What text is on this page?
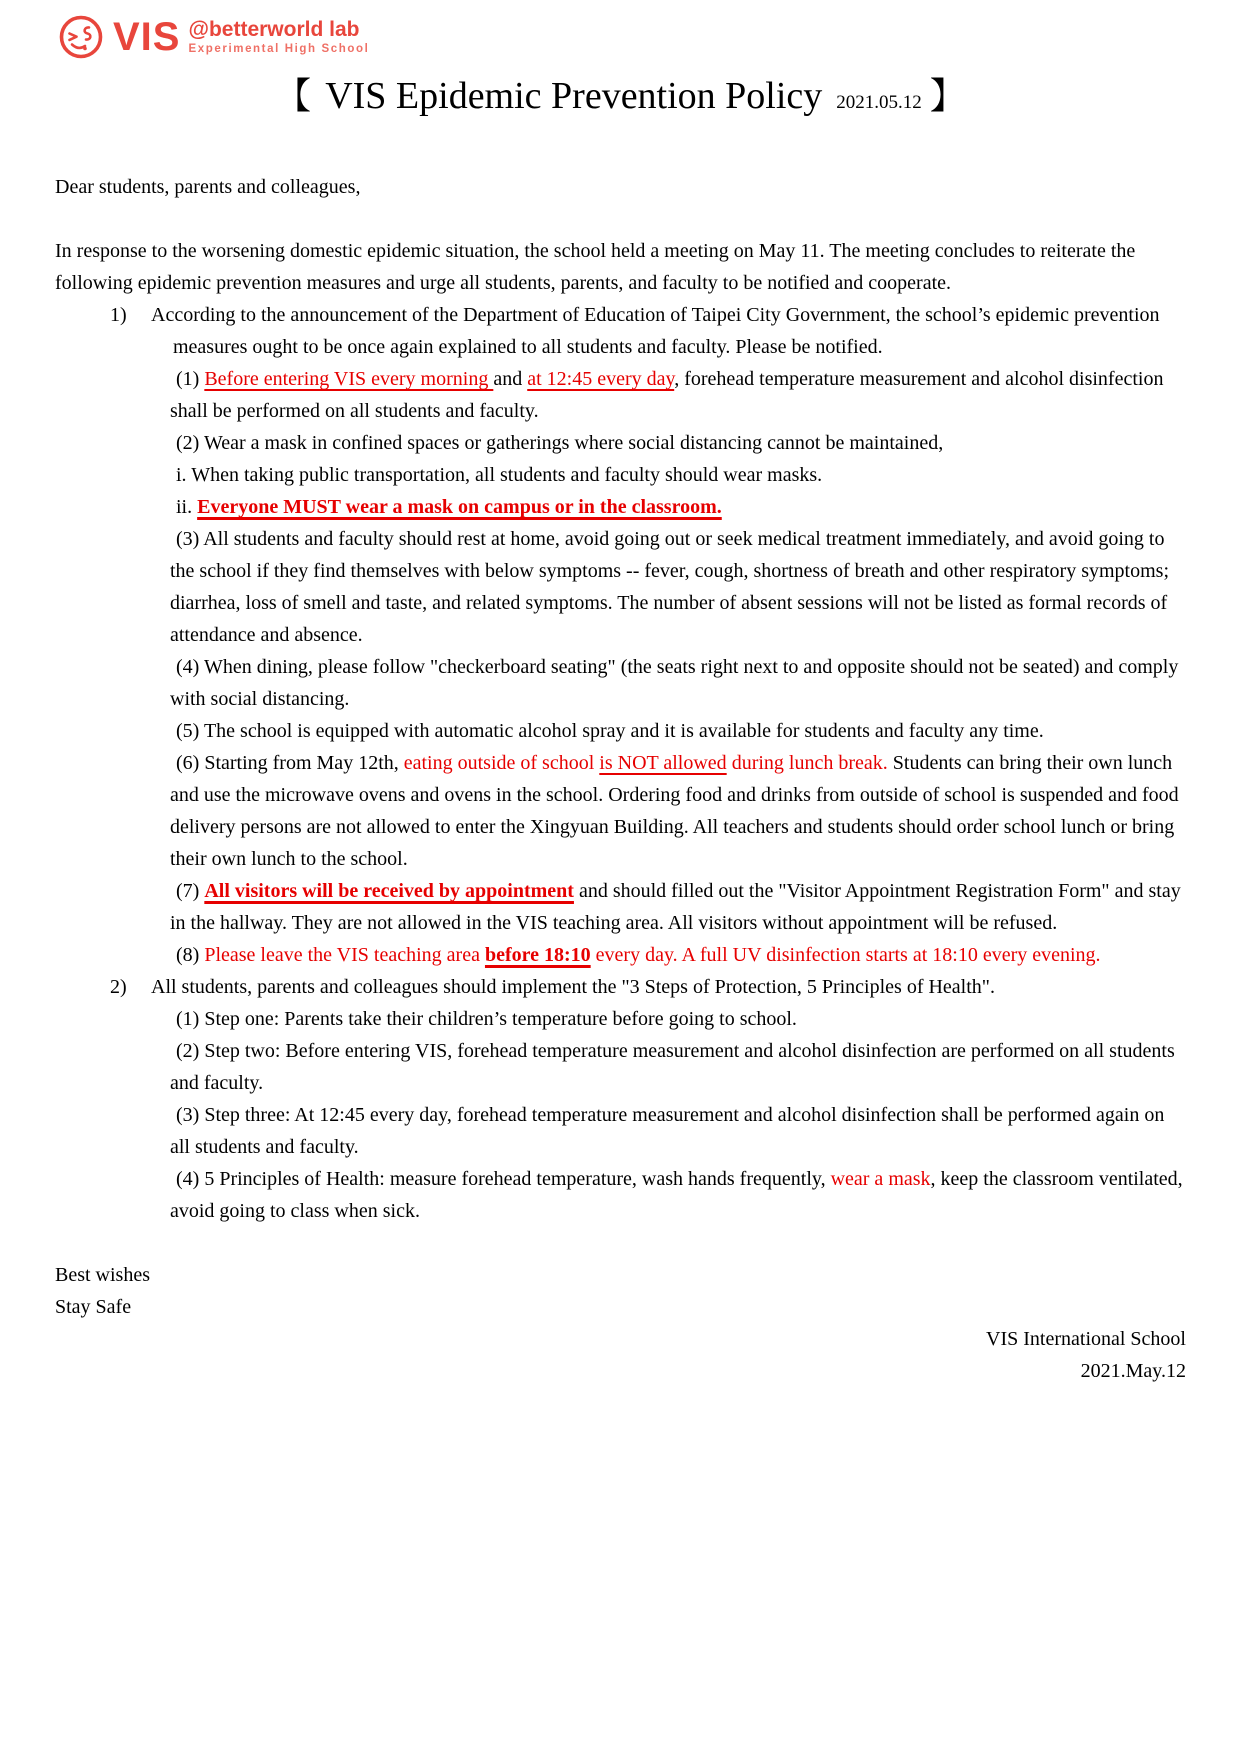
VIS @betterworld lab
Experimental High School
【 VIS Epidemic Prevention Policy 2021.05.12 】

Dear students, parents and colleagues,

In response to the worsening domestic epidemic situation, the school held a meeting on May 11. The meeting concludes to reiterate the following epidemic prevention measures and urge all students, parents, and faculty to be notified and cooperate.

1) According to the announcement of the Department of Education of Taipei City Government, the school’s epidemic prevention measures ought to be once again explained to all students and faculty. Please be notified.

(1) Before entering VIS every morning and at 12:45 every day, forehead temperature measurement and alcohol disinfection shall be performed on all students and faculty.

(2) Wear a mask in confined spaces or gatherings where social distancing cannot be maintained,

i. When taking public transportation, all students and faculty should wear masks.

ii. Everyone MUST wear a mask on campus or in the classroom.

(3) All students and faculty should rest at home, avoid going out or seek medical treatment immediately, and avoid going to the school if they find themselves with below symptoms -- fever, cough, shortness of breath and other respiratory symptoms; diarrhea, loss of smell and taste, and related symptoms. The number of absent sessions will not be listed as formal records of attendance and absence.

(4) When dining, please follow "checkerboard seating" (the seats right next to and opposite should not be seated) and comply with social distancing.

(5) The school is equipped with automatic alcohol spray and it is available for students and faculty any time.

(6) Starting from May 12th, eating outside of school is NOT allowed during lunch break. Students can bring their own lunch and use the microwave ovens and ovens in the school. Ordering food and drinks from outside of school is suspended and food delivery persons are not allowed to enter the Xingyuan Building. All teachers and students should order school lunch or bring their own lunch to the school.

(7) All visitors will be received by appointment and should filled out the "Visitor Appointment Registration Form" and stay in the hallway. They are not allowed in the VIS teaching area. All visitors without appointment will be refused.

(8) Please leave the VIS teaching area before 18:10 every day. A full UV disinfection starts at 18:10 every evening.

2) All students, parents and colleagues should implement the "3 Steps of Protection, 5 Principles of Health".

(1) Step one: Parents take their children’s temperature before going to school.

(2) Step two: Before entering VIS, forehead temperature measurement and alcohol disinfection are performed on all students and faculty.

(3) Step three: At 12:45 every day, forehead temperature measurement and alcohol disinfection shall be performed again on all students and faculty.

(4) 5 Principles of Health: measure forehead temperature, wash hands frequently, wear a mask, keep the classroom ventilated, avoid going to class when sick.

Best wishes

Stay Safe

VIS International School

2021.May.12
